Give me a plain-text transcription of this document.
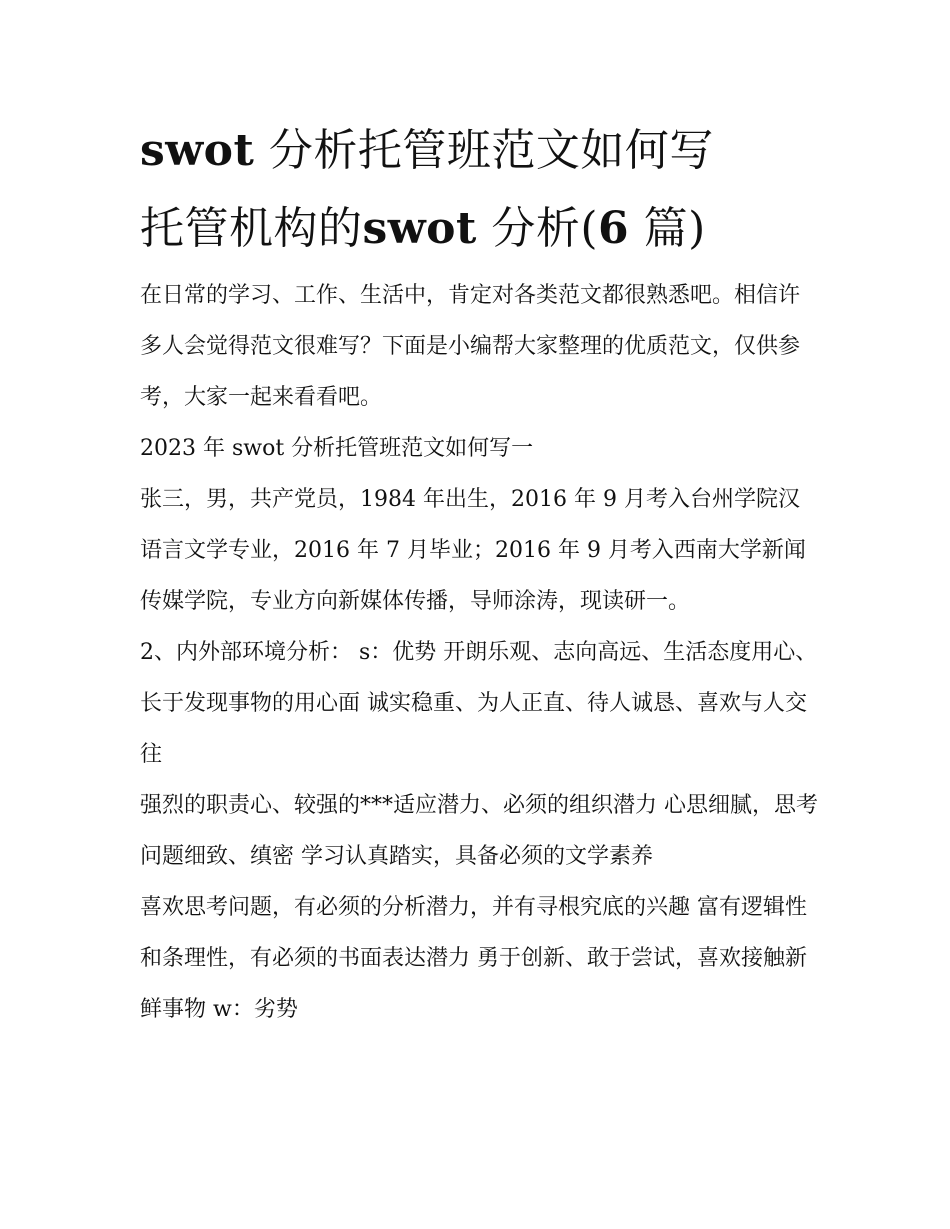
swot 分析托管班范文如何写
托管机构的swot 分析(6 篇)

在日常的学习、工作、生活中，肯定对各类范文都很熟悉吧。相信许多人会觉得范文很难写？下面是小编帮大家整理的优质范文，仅供参考，大家一起来看看吧。

2023 年 swot 分析托管班范文如何写一

张三，男，共产党员，1984 年出生，2016 年 9 月考入台州学院汉语言文学专业，2016 年 7 月毕业；2016 年 9 月考入西南大学新闻传媒学院，专业方向新媒体传播，导师涂涛，现读研一。

2、内外部环境分析： s：优势 开朗乐观、志向高远、生活态度用心、长于发现事物的用心面 诚实稳重、为人正直、待人诚恳、喜欢与人交往

强烈的职责心、较强的***适应潜力、必须的组织潜力 心思细腻，思考问题细致、缜密 学习认真踏实，具备必须的文学素养

喜欢思考问题，有必须的分析潜力，并有寻根究底的兴趣 富有逻辑性和条理性，有必须的书面表达潜力 勇于创新、敢于尝试，喜欢接触新鲜事物 w：劣势
